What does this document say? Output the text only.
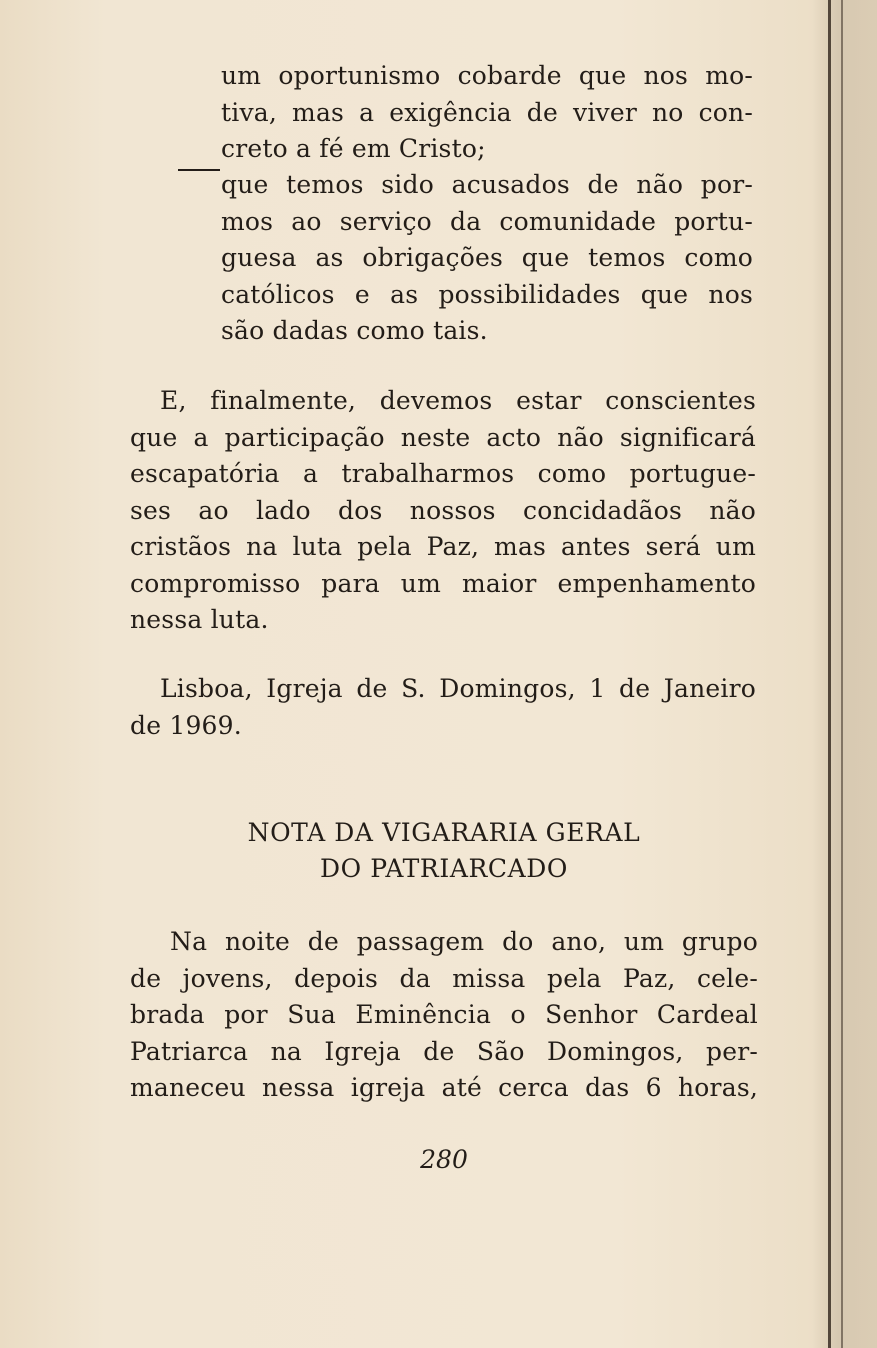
um oportunismo cobarde que nos mo-
tiva, mas a exigência de viver no con-
creto a fé em Cristo;
que temos sido acusados de não por-
mos ao serviço da comunidade portu-
guesa as obrigações que temos como
católicos e as possibilidades que nos
são dadas como tais.
E, finalmente, devemos estar conscientes
que a participação neste acto não significará
escapatória a trabalharmos como portugue-
ses ao lado dos nossos concidadãos não
cristãos na luta pela Paz, mas antes será um
compromisso para um maior empenhamento
nessa luta.
Lisboa, Igreja de S. Domingos, 1 de Janeiro
de 1969.
NOTA DA VIGARARIA GERAL
DO PATRIARCADO
Na noite de passagem do ano, um grupo
de jovens, depois da missa pela Paz, cele-
brada por Sua Eminência o Senhor Cardeal
Patriarca na Igreja de São Domingos, per-
maneceu nessa igreja até cerca das 6 horas,
280
